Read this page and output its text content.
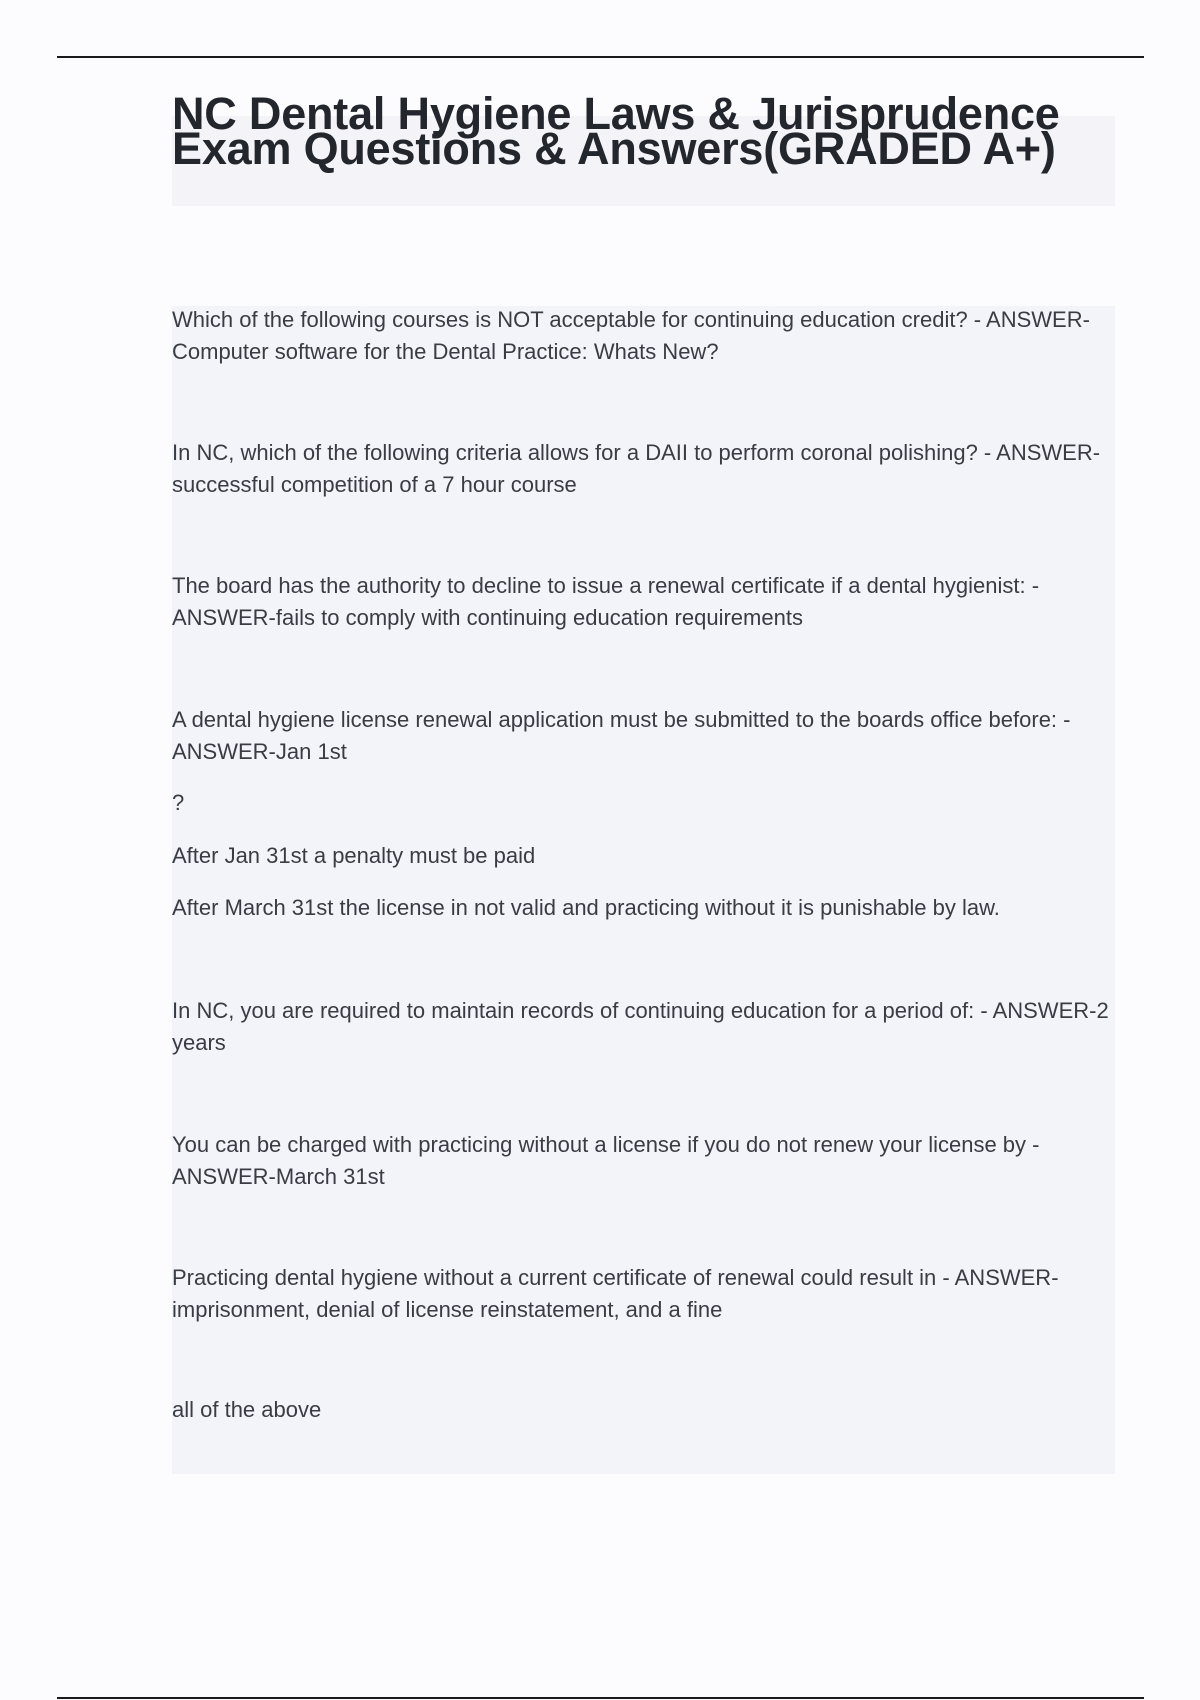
NC Dental Hygiene Laws & Jurisprudence Exam Questions & Answers(GRADED A+)

Which of the following courses is NOT acceptable for continuing education credit? - ANSWER-Computer software for the Dental Practice: Whats New?

In NC, which of the following criteria allows for a DAII to perform coronal polishing? - ANSWER-successful competition of a 7 hour course

The board has the authority to decline to issue a renewal certificate if a dental hygienist: - ANSWER-fails to comply with continuing education requirements

A dental hygiene license renewal application must be submitted to the boards office before: - ANSWER-Jan 1st

?

After Jan 31st a penalty must be paid

After March 31st the license in not valid and practicing without it is punishable by law.

In NC, you are required to maintain records of continuing education for a period of: - ANSWER-2 years

You can be charged with practicing without a license if you do not renew your license by - ANSWER-March 31st

Practicing dental hygiene without a current certificate of renewal could result in - ANSWER-imprisonment, denial of license reinstatement, and a fine

all of the above
